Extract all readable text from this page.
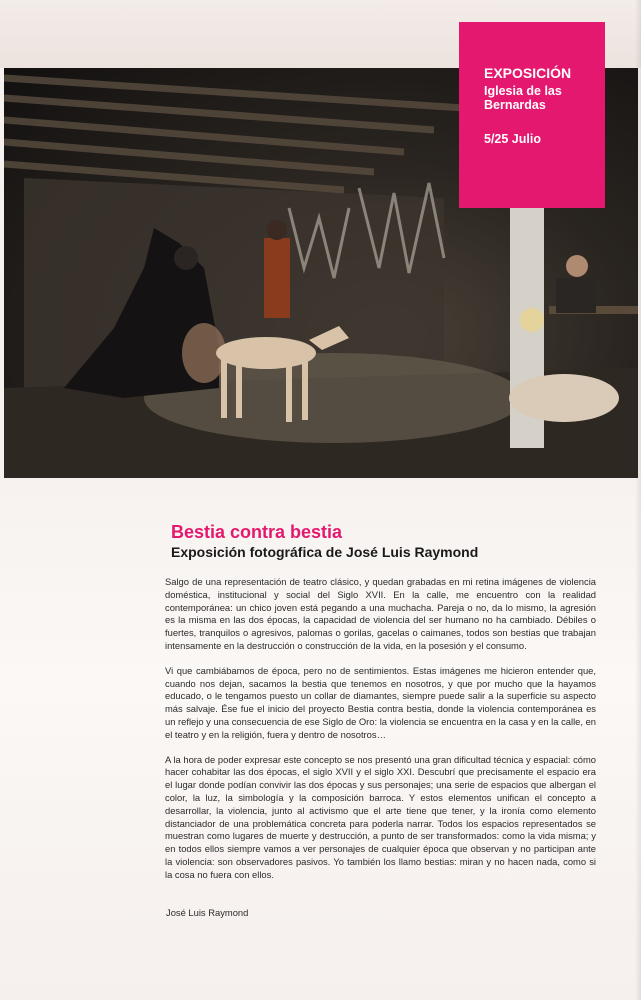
EXPOSICIÓN
Iglesia de las Bernardas
5/25 Julio
Bestia contra bestia
Exposición fotográfica de José Luis Raymond

Salgo de una representación de teatro clásico, y quedan grabadas en mi retina imágenes de violencia doméstica, institucional y social del Siglo XVII. En la calle, me encuentro con la realidad contemporánea: un chico joven está pegando a una muchacha. Pareja o no, da lo mismo, la agresión es la misma en las dos épocas, la capacidad de violencia del ser humano no ha cambiado. Débiles o fuertes, tranquilos o agresivos, palomas o gorilas, gacelas o caimanes, todos son bestias que trabajan intensamente en la destrucción o construcción de la vida, en la posesión y el consumo.

Vi que cambiábamos de época, pero no de sentimientos. Estas imágenes me hicieron entender que, cuando nos dejan, sacamos la bestia que tenemos en nosotros, y que por mucho que la hayamos educado, o le tengamos puesto un collar de diamantes, siempre puede salir a la superficie su aspecto más salvaje. Ése fue el inicio del proyecto Bestia contra bestia, donde la violencia contemporánea es un reflejo y una consecuencia de ese Siglo de Oro: la violencia se encuentra en la casa y en la calle, en el teatro y en la religión, fuera y dentro de nosotros…

A la hora de poder expresar este concepto se nos presentó una gran dificultad técnica y espacial: cómo hacer cohabitar las dos épocas, el siglo XVII y el siglo XXI. Descubrí que precisamente el espacio era el lugar donde podían convivir las dos épocas y sus personajes; una serie de espacios que albergan el color, la luz, la simbología y la composición barroca. Y estos elementos unifican el concepto a desarrollar, la violencia, junto al activismo que el arte tiene que tener, y la ironía como elemento distanciador de una problemática concreta para poderla narrar. Todos los espacios representados se muestran como lugares de muerte y destrucción, a punto de ser transformados: como la vida misma; y en todos ellos siempre vamos a ver personajes de cualquier época que observan y no participan ante la violencia: son observadores pasivos. Yo también los llamo bestias: miran y no hacen nada, como si la cosa no fuera con ellos.

José Luis Raymond
